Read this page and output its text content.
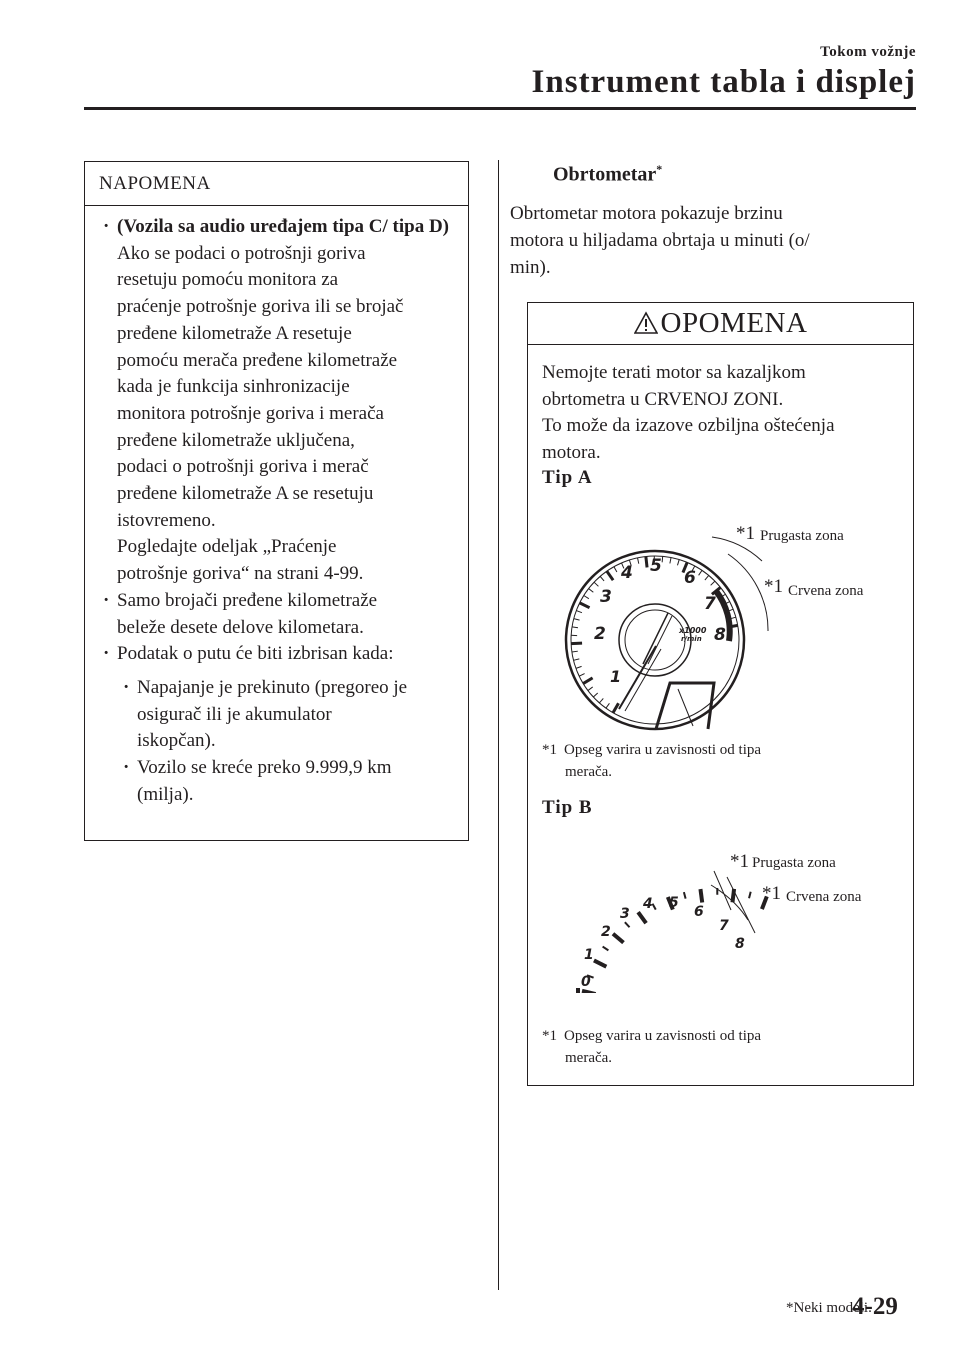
Tokom vožnje
Instrument tabla i displej
NAPOMENA
· (Vozila sa audio uređajem tipa C/ tipa D)
Ako se podaci o potrošnji goriva
resetuju pomoću monitora za
praćenje potrošnje goriva ili se brojač
pređene kilometraže A resetuje
pomoću merača pređene kilometraže
kada je funkcija sinhronizacije
monitora potrošnje goriva i merača
pređene kilometraže uključena,
podaci o potrošnji goriva i merač
pređene kilometraže A se resetuju
istovremeno.
Pogledajte odeljak „Praćenje
potrošnje goriva“ na strani 4-99.
· Samo brojači pređene kilometraže
beleže desete delove kilometara.
· Podatak o putu će biti izbrisan kada:
· Napajanje je prekinuto (pregoreo je
osigurač ili je akumulator
iskopčan).
· Vozilo se kreće preko 9.999,9 km
(milja).
Obrtometar*
Obrtometar motora pokazuje brzinu
motora u hiljadama obrtaja u minuti (o/
min).
OPOMENA
Nemojte terati motor sa kazaljkom
obrtometra u CRVENOJ ZONI.
To može da izazove ozbiljna oštećenja
motora.
Tip A
1
2
3
4 5
6
7
8
x1000
r/min
*1 Prugasta zona
*1 Crvena zona
*1 Opseg varira u zavisnosti od tipa
merača.
Tip B
0
1
2
3
4 5
6
7
8
*1 Prugasta zona
*1 Crvena zona
*1 Opseg varira u zavisnosti od tipa
merača.
*Neki modeli.
4-29
